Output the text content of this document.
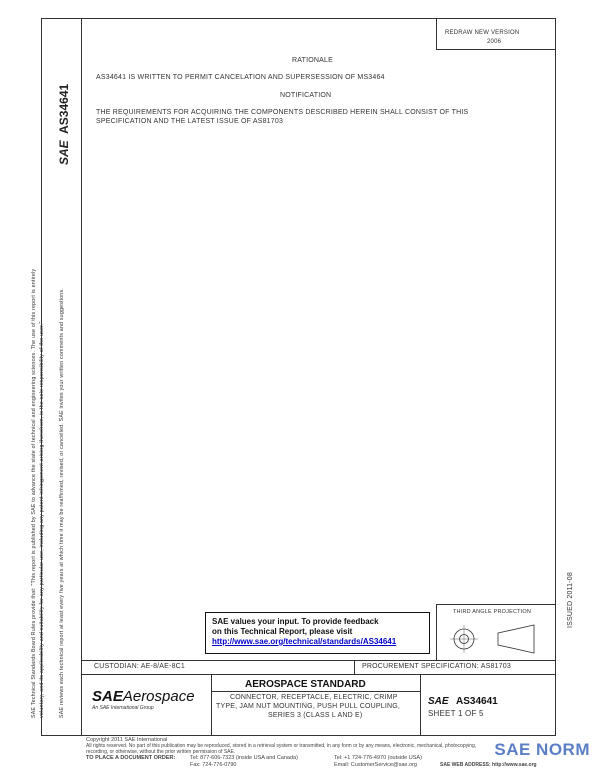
REDRAW NEW VERSION
2006
RATIONALE
AS34641 IS WRITTEN TO PERMIT CANCELATION AND SUPERSESSION OF MS3464
NOTIFICATION
THE REQUIREMENTS FOR ACQUIRING THE COMPONENTS DESCRIBED HEREIN SHALL CONSIST OF THIS
SPECIFICATION AND THE LATEST ISSUE OF AS81703
SAE AS34641
SAE Technical Standards Board Rules provide that: "This report is published by SAE to advance the state of technical and engineering sciences. The use of this report is entirely voluntary, and its applicability and suitability for any particular use, including any patent infringement arising therefrom, is the sole responsibility of the user."	SAE reviews each technical report at least every five years at which time it may be reaffirmed, revised, or cancelled. SAE invites your written comments and suggestions.	ISSUED 2011-08
SAE values your input. To provide feedback
on this Technical Report, please visit
http://www.sae.org/technical/standards/AS34641
THIRD ANGLE PROJECTION
CUSTODIAN: AE-8/AE-8C1	PROCUREMENT SPECIFICATION: AS81703
SAEAerospace
An SAE International Group
AEROSPACE STANDARD
CONNECTOR, RECEPTACLE, ELECTRIC, CRIMP
TYPE, JAM NUT MOUNTING, PUSH PULL COUPLING,
SERIES 3 (CLASS L AND E)
SAE AS34641
SHEET 1 OF 5
Copyright 2011 SAE International
All rights reserved. No part of this publication may be reproduced, stored in a retrieval system or transmitted, in any form or by any means, electronic, mechanical, photocopying,
recording, or otherwise, without the prior written permission of SAE.
TO PLACE A DOCUMENT ORDER:	Tel: 877-606-7323 (inside USA and Canada)	Tel: +1 724-776-4970 (outside USA)
Fax: 724-776-0790	Email: CustomerService@sae.org	SAE WEB ADDRESS: http://www.sae.org
SAE NORM
